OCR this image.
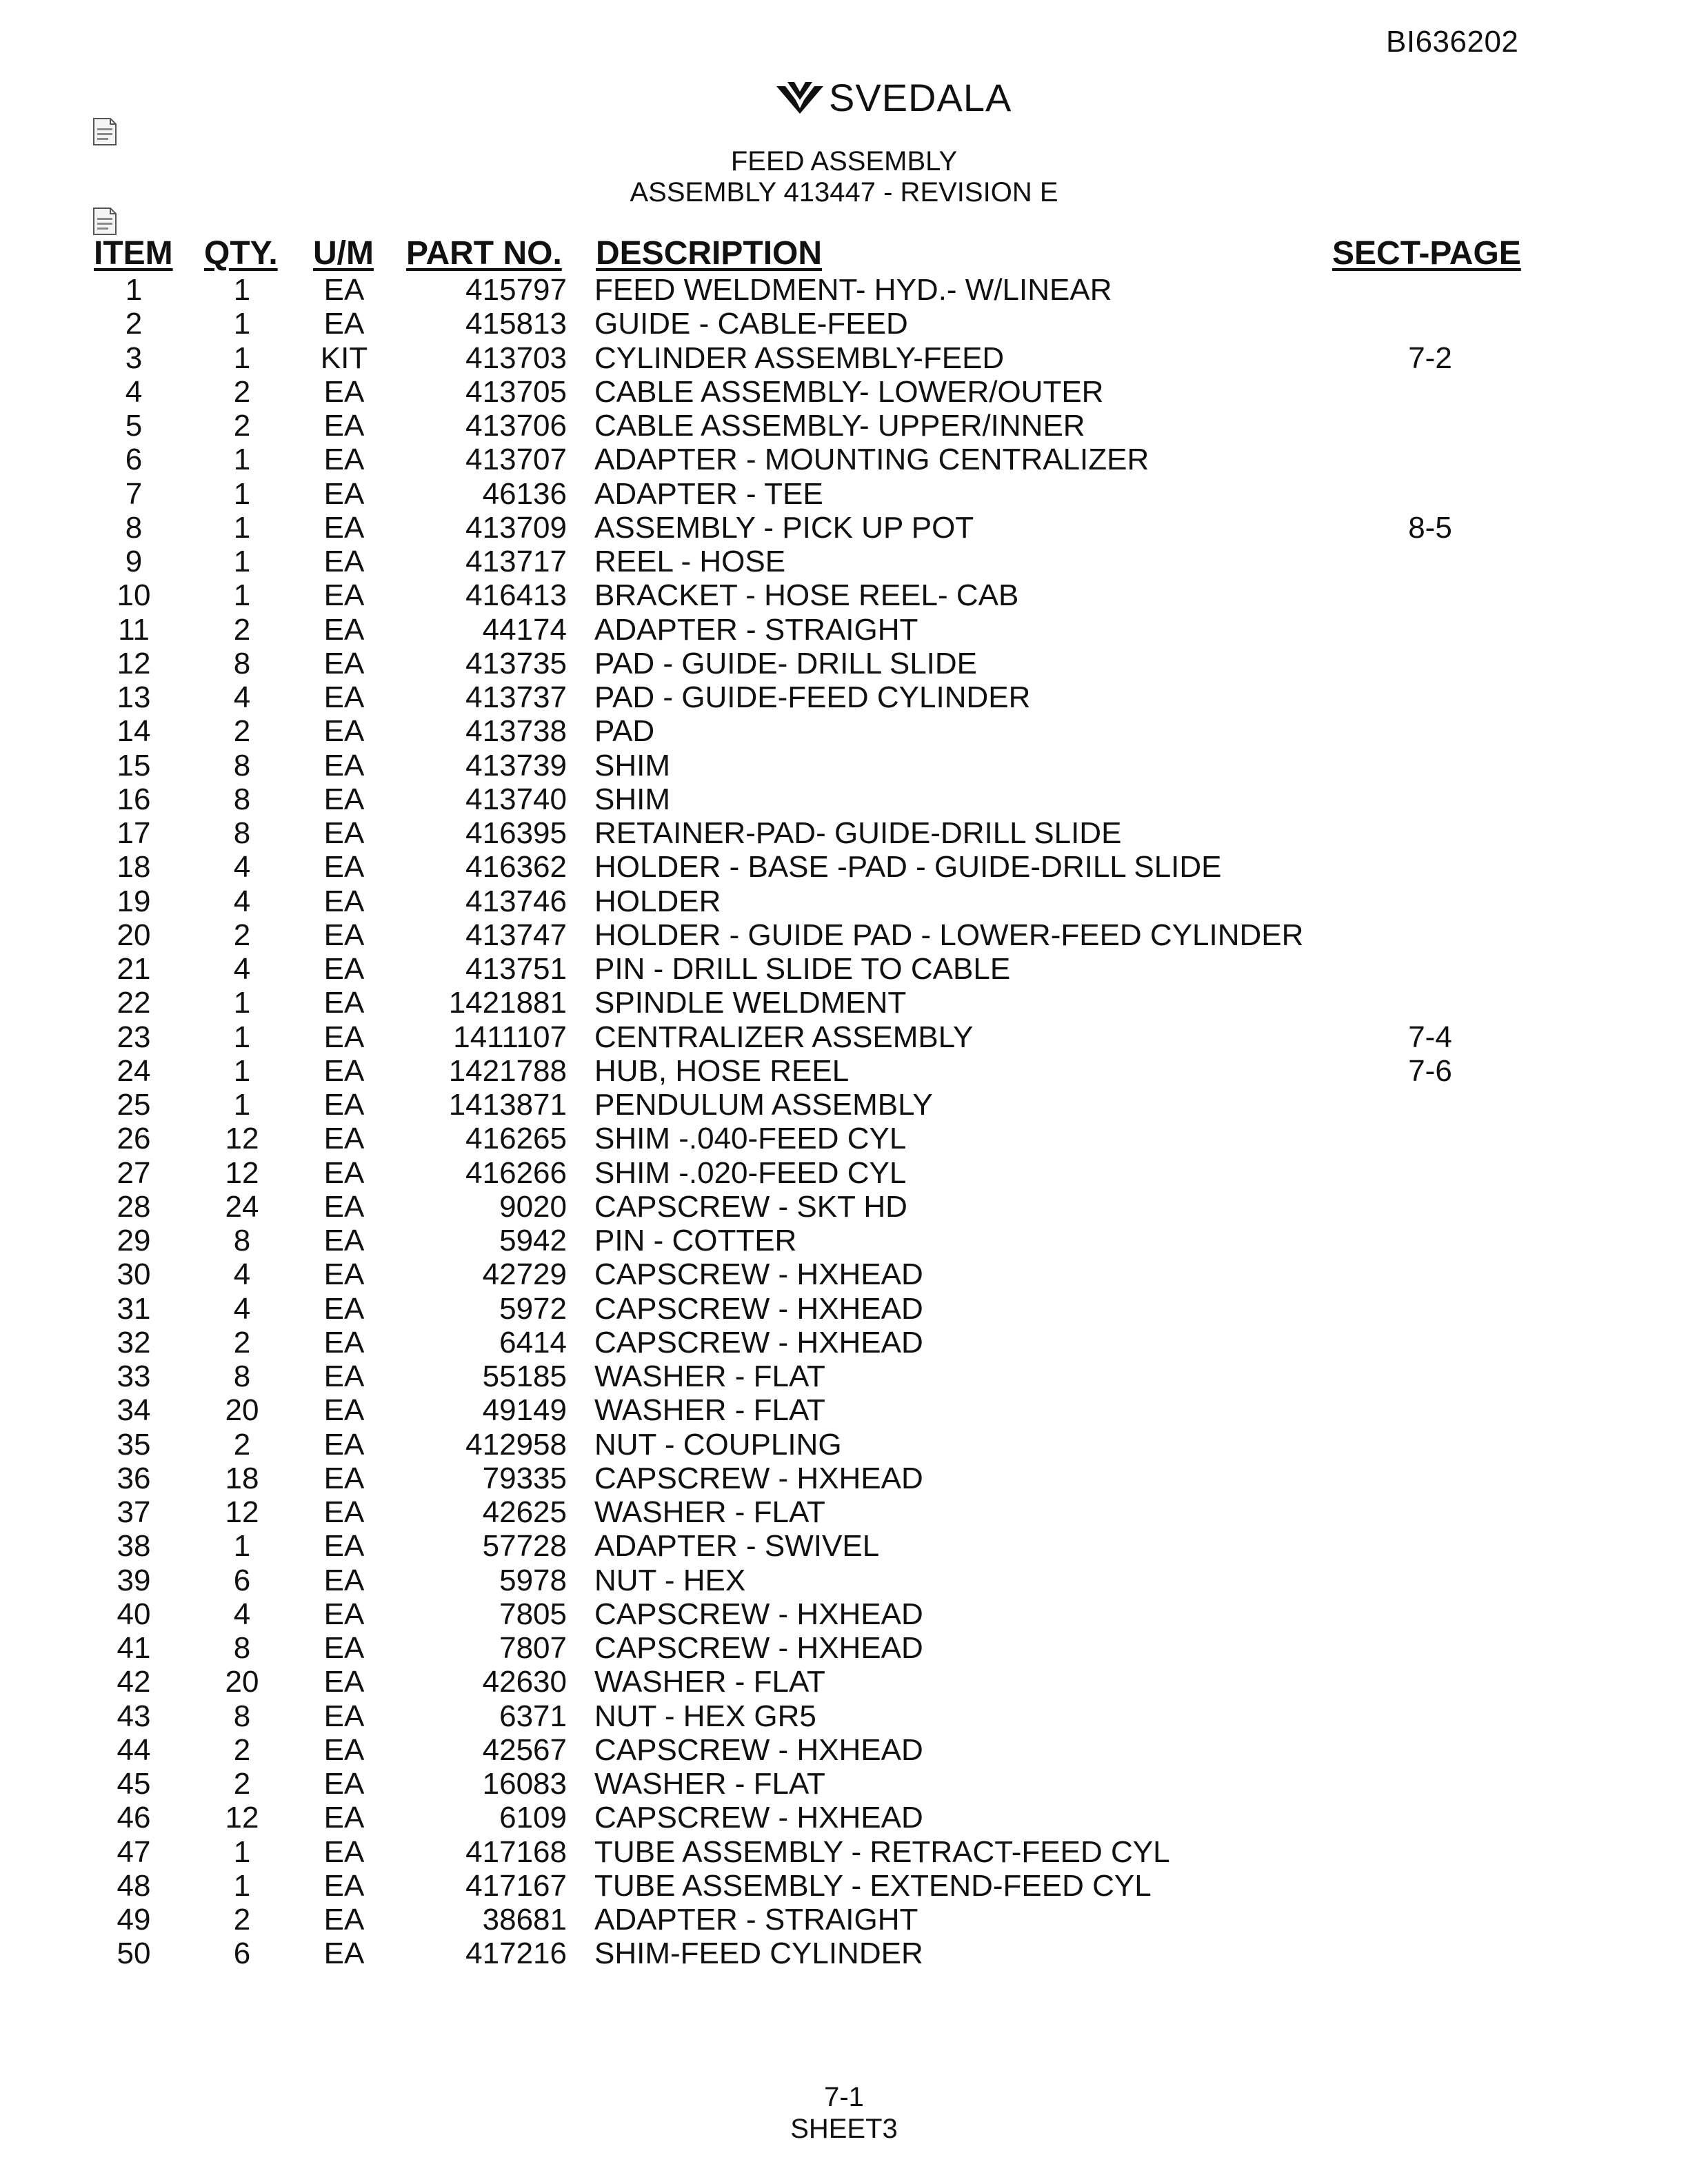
BI636202
SVEDALA
FEED ASSEMBLY
ASSEMBLY 413447 - REVISION E
ITEM QTY. U/M PART NO. DESCRIPTION	SECT-PAGE
1	1	EA	415797 FEED WELDMENT- HYD.- W/LINEAR
2	1	EA	415813 GUIDE - CABLE-FEED
3	1	KIT	413703 CYLINDER ASSEMBLY-FEED	7-2
4	2	EA	413705 CABLE ASSEMBLY- LOWER/OUTER
5	2	EA	413706 CABLE ASSEMBLY- UPPER/INNER
6	1	EA	413707 ADAPTER - MOUNTING CENTRALIZER
7	1	EA	46136 ADAPTER - TEE
8	1	EA	413709 ASSEMBLY - PICK UP POT	8-5
9	1	EA	413717 REEL - HOSE
10	1	EA	416413 BRACKET - HOSE REEL- CAB
11	2	EA	44174 ADAPTER - STRAIGHT
12	8	EA	413735 PAD - GUIDE- DRILL SLIDE
13	4	EA	413737 PAD - GUIDE-FEED CYLINDER
14	2	EA	413738 PAD
15	8	EA	413739 SHIM
16	8	EA	413740 SHIM
17	8	EA	416395 RETAINER-PAD- GUIDE-DRILL SLIDE
18	4	EA	416362 HOLDER - BASE -PAD - GUIDE-DRILL SLIDE
19	4	EA	413746 HOLDER
20	2	EA	413747 HOLDER - GUIDE PAD - LOWER-FEED CYLINDER
21	4	EA	413751 PIN - DRILL SLIDE TO CABLE
22	1	EA	1421881 SPINDLE WELDMENT
23	1	EA	1411107 CENTRALIZER ASSEMBLY	7-4
24	1	EA	1421788 HUB, HOSE REEL	7-6
25	1	EA	1413871 PENDULUM ASSEMBLY
26	12	EA	416265 SHIM -.040-FEED CYL
27	12	EA	416266 SHIM -.020-FEED CYL
28	24	EA	9020 CAPSCREW - SKT HD
29	8	EA	5942 PIN - COTTER
30	4	EA	42729 CAPSCREW - HXHEAD
31	4	EA	5972 CAPSCREW - HXHEAD
32	2	EA	6414 CAPSCREW - HXHEAD
33	8	EA	55185 WASHER - FLAT
34	20	EA	49149 WASHER - FLAT
35	2	EA	412958 NUT - COUPLING
36	18	EA	79335 CAPSCREW - HXHEAD
37	12	EA	42625 WASHER - FLAT
38	1	EA	57728 ADAPTER - SWIVEL
39	6	EA	5978 NUT - HEX
40	4	EA	7805 CAPSCREW - HXHEAD
41	8	EA	7807 CAPSCREW - HXHEAD
42	20	EA	42630 WASHER - FLAT
43	8	EA	6371 NUT - HEX GR5
44	2	EA	42567 CAPSCREW - HXHEAD
45	2	EA	16083 WASHER - FLAT
46	12	EA	6109 CAPSCREW - HXHEAD
47	1	EA	417168 TUBE ASSEMBLY - RETRACT-FEED CYL
48	1	EA	417167 TUBE ASSEMBLY - EXTEND-FEED CYL
49	2	EA	38681 ADAPTER - STRAIGHT
50	6	EA	417216 SHIM-FEED CYLINDER
7-1
SHEET3
